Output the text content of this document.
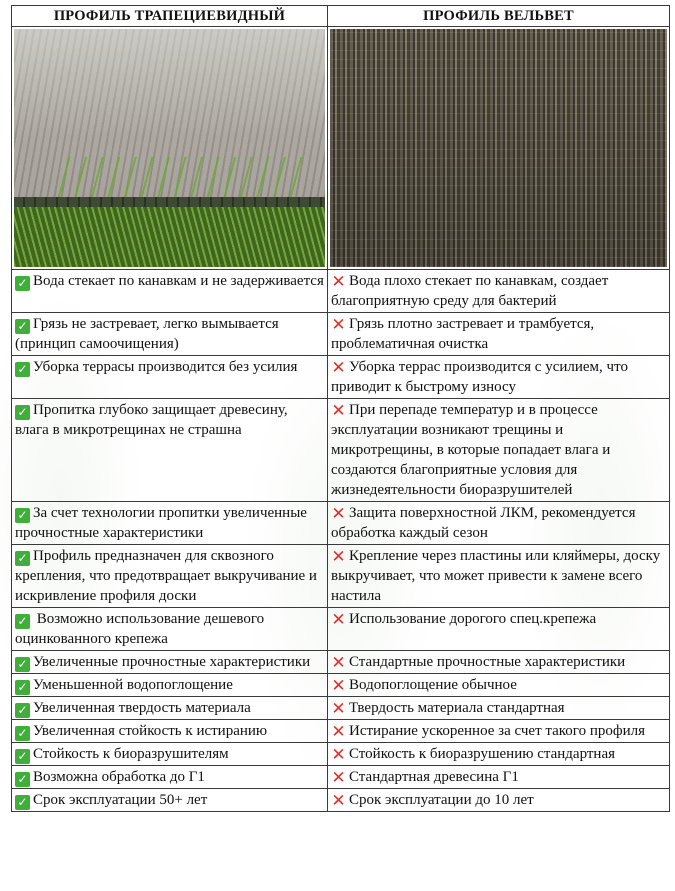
ПРОФИЛЬ ТРАПЕЦИЕВИДНЫЙ	ПРОФИЛЬ ВЕЛЬВЕТ

✓ Вода стекает по канавкам и не задерживается	✕ Вода плохо стекает по канавкам, создает благоприятную среду для бактерий
✓ Грязь не застревает, легко вымывается (принцип самоочищения)	✕ Грязь плотно застревает и трамбуется, проблематичная очистка
✓ Уборка террасы производится без усилия	✕ Уборка террас производится с усилием, что приводит к быстрому износу
✓ Пропитка глубоко защищает древесину, влага в микротрещинах не страшна	✕ При перепаде температур и в процессе эксплуатации возникают трещины и микротрещины, в которые попадает влага и создаются благоприятные условия для жизнедеятельности биоразрушителей
✓ За счет технологии пропитки увеличенные прочностные характеристики	✕ Защита поверхностной ЛКМ, рекомендуется обработка каждый сезон
✓ Профиль предназначен для сквозного крепления, что предотвращает выкручивание и искривление профиля доски	✕ Крепление через пластины или кляймеры, доску выкручивает, что может привести к замене всего настила
✓ Возможно использование дешевого оцинкованного крепежа	✕ Использование дорогого спец.крепежа
✓ Увеличенные прочностные характеристики	✕ Стандартные прочностные характеристики
✓ Уменьшенной водопоглощение	✕ Водопоглощение обычное
✓ Увеличенная твердость материала	✕ Твердость материала стандартная
✓ Увеличенная стойкость к истиранию	✕ Истирание ускоренное за счет такого профиля
✓ Стойкость к биоразрушителям	✕ Стойкость к биоразрушению стандартная
✓ Возможна обработка до Г1	✕ Стандартная древесина Г1
✓ Срок эксплуатации 50+ лет	✕ Срок эксплуатации до 10 лет
